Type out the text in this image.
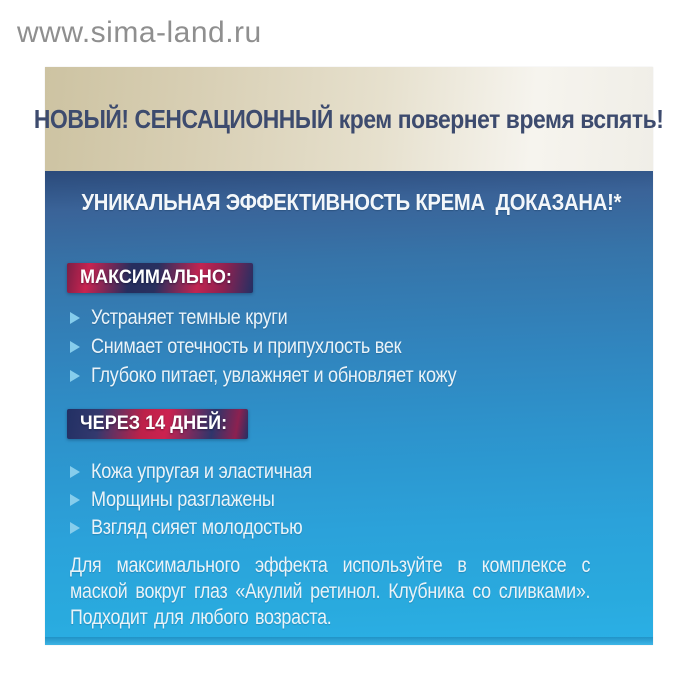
www.sima-land.ru
НОВЫЙ! СЕНСАЦИОННЫЙ крем повернет время вспять!
УНИКАЛЬНАЯ ЭФФЕКТИВНОСТЬ КРЕМА  ДОКАЗАНА!*
МАКСИМАЛЬНО:
Устраняет темные круги
Снимает отечность и припухлость век
Глубоко питает, увлажняет и обновляет кожу
ЧЕРЕЗ 14 ДНЕЙ:
Кожа упругая и эластичная
Морщины разглажены
Взгляд сияет молодостью
Для максимального эффекта используйте в комплексе с маской вокруг глаз «Акулий ретинол. Клубника со сливками». Подходит для любого возраста.
